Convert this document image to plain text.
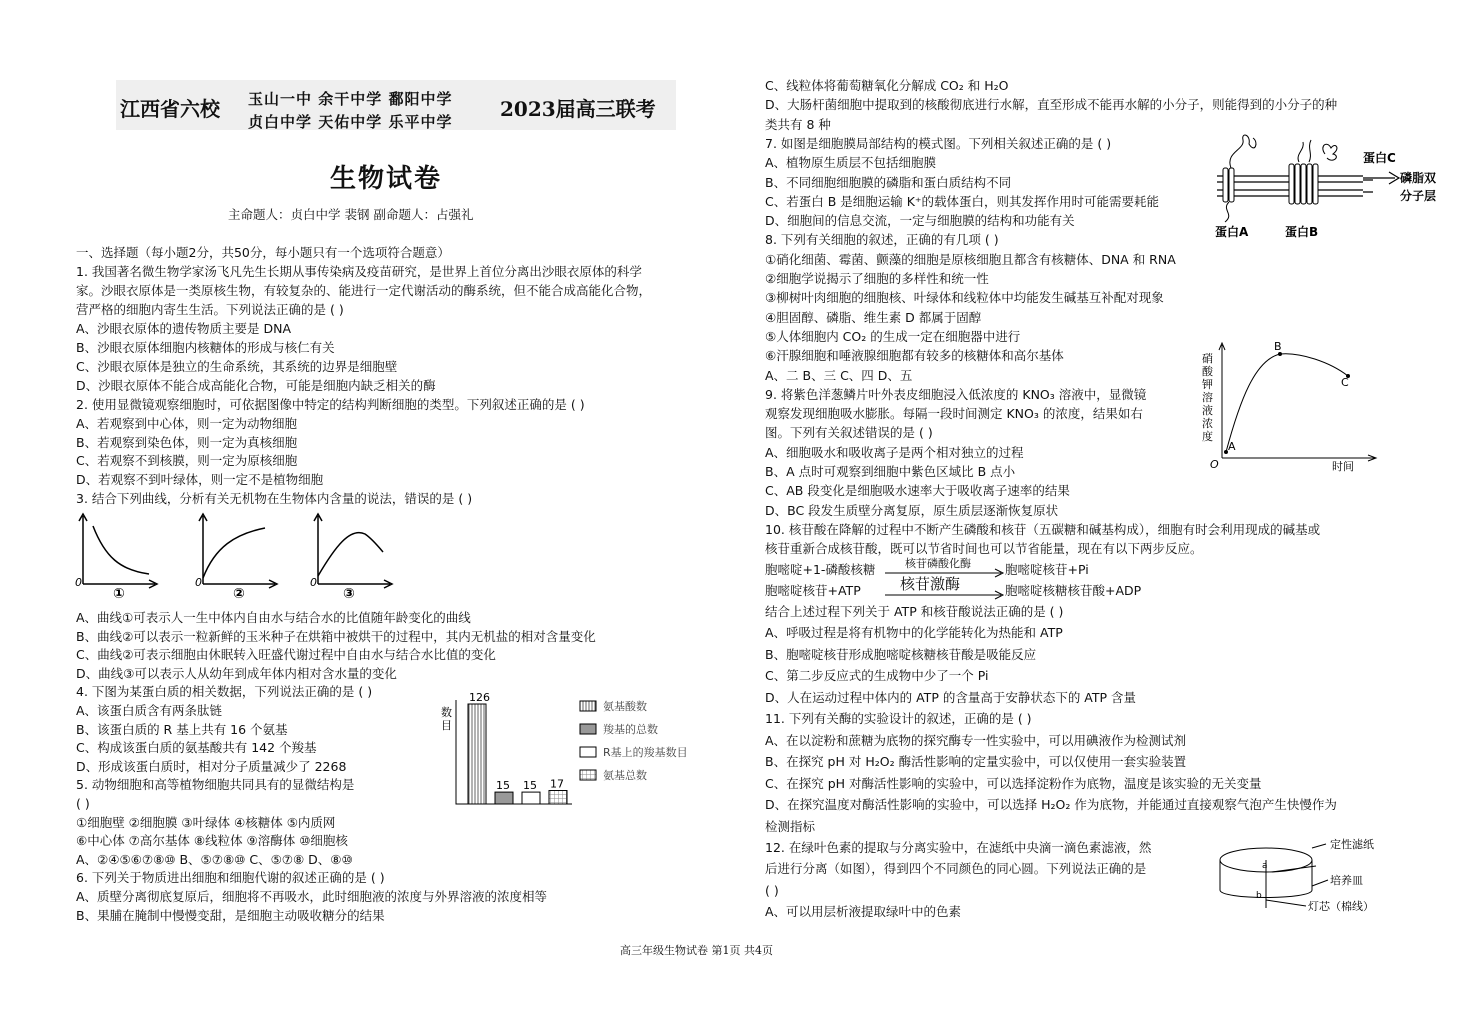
江西省六校 玉山一中 余干中学 鄱阳中学
贞白中学 天佑中学 乐平中学
2023届高三联考
生物试卷
主命题人：贞白中学 裴钢 副命题人：占强礼
一、选择题（每小题2分，共50分，每小题只有一个选项符合题意）
1. 我国著名微生物学家汤飞凡先生长期从事传染病及疫苗研究，是世界上首位分离出沙眼衣原体的科学
家。沙眼衣原体是一类原核生物，有较复杂的、能进行一定代谢活动的酶系统，但不能合成高能化合物，
营严格的细胞内寄生生活。下列说法正确的是 ( )
A、沙眼衣原体的遗传物质主要是 DNA
B、沙眼衣原体细胞内核糖体的形成与核仁有关
C、沙眼衣原体是独立的生命系统，其系统的边界是细胞壁
D、沙眼衣原体不能合成高能化合物，可能是细胞内缺乏相关的酶
2. 使用显微镜观察细胞时，可依据图像中特定的结构判断细胞的类型。下列叙述正确的是 ( )
A、若观察到中心体，则一定为动物细胞
B、若观察到染色体，则一定为真核细胞
C、若观察不到核膜，则一定为原核细胞
D、若观察不到叶绿体，则一定不是植物细胞
3. 结合下列曲线，分析有关无机物在生物体内含量的说法，错误的是 ( )
A、曲线①可表示人一生中体内自由水与结合水的比值随年龄变化的曲线
B、曲线②可以表示一粒新鲜的玉米种子在烘箱中被烘干的过程中，其内无机盐的相对含量变化
C、曲线②可表示细胞由休眠转入旺盛代谢过程中自由水与结合水比值的变化
D、曲线③可以表示人从幼年到成年体内相对含水量的变化
4. 下图为某蛋白质的相关数据，下列说法正确的是 ( )
A、该蛋白质含有两条肽链
B、该蛋白质的 R 基上共有 16 个氨基
C、构成该蛋白质的氨基酸共有 142 个羧基
D、形成该蛋白质时，相对分子质量减少了 2268
5. 动物细胞和高等植物细胞共同具有的显微结构是
( )
①细胞壁 ②细胞膜 ③叶绿体 ④核糖体 ⑤内质网
⑥中心体 ⑦高尔基体 ⑧线粒体 ⑨溶酶体 ⑩细胞核
A、②④⑤⑥⑦⑧⑩ B、⑤⑦⑧⑩ C、⑤⑦⑧ D、⑧⑩
6. 下列关于物质进出细胞和细胞代谢的叙述正确的是 ( )
A、质壁分离彻底复原后，细胞将不再吸水，此时细胞液的浓度与外界溶液的浓度相等
B、果脯在腌制中慢慢变甜，是细胞主动吸收糖分的结果
0	0	0
①	②	③
数
目
126
15 15 17
氨基酸数
羧基的总数
R基上的羧基数目
氨基总数
C、线粒体将葡萄糖氧化分解成 CO₂ 和 H₂O
D、大肠杆菌细胞中提取到的核酸彻底进行水解，直至形成不能再水解的小分子，则能得到的小分子的种
类共有 8 种
7. 如图是细胞膜局部结构的模式图。下列相关叙述正确的是 ( )
A、植物原生质层不包括细胞膜
B、不同细胞细胞膜的磷脂和蛋白质结构不同
C、若蛋白 B 是细胞运输 K⁺的载体蛋白，则其发挥作用时可能需要耗能
D、细胞间的信息交流，一定与细胞膜的结构和功能有关
8. 下列有关细胞的叙述，正确的有几项 ( )
①硝化细菌、霉菌、颤藻的细胞是原核细胞且都含有核糖体、DNA 和 RNA
②细胞学说揭示了细胞的多样性和统一性
③柳树叶肉细胞的细胞核、叶绿体和线粒体中均能发生碱基互补配对现象
④胆固醇、磷脂、维生素 D 都属于固醇
⑤人体细胞内 CO₂ 的生成一定在细胞器中进行
⑥汗腺细胞和唾液腺细胞都有较多的核糖体和高尔基体
A、二 B、三 C、四 D、五
9. 将紫色洋葱鳞片叶外表皮细胞浸入低浓度的 KNO₃ 溶液中，显微镜
观察发现细胞吸水膨胀。每隔一段时间测定 KNO₃ 的浓度，结果如右
图。下列有关叙述错误的是 ( )
A、细胞吸水和吸收离子是两个相对独立的过程
B、A 点时可观察到细胞中紫色区域比 B 点小
C、AB 段变化是细胞吸水速率大于吸收离子速率的结果
D、BC 段发生质壁分离复原，原生质层逐渐恢复原状
10. 核苷酸在降解的过程中不断产生磷酸和核苷（五碳糖和碱基构成），细胞有时会利用现成的碱基或
核苷重新合成核苷酸，既可以节省时间也可以节省能量，现在有以下两步反应。
胞嘧啶+1-磷酸核糖	核苷磷酸化酶	胞嘧啶核苷+Pi
胞嘧啶核苷+ATP	核苷激酶	胞嘧啶核糖核苷酸+ADP
结合上述过程下列关于 ATP 和核苷酸说法正确的是 ( )
A、呼吸过程是将有机物中的化学能转化为热能和 ATP
B、胞嘧啶核苷形成胞嘧啶核糖核苷酸是吸能反应
C、第二步反应式的生成物中少了一个 Pi
D、人在运动过程中体内的 ATP 的含量高于安静状态下的 ATP 含量
11. 下列有关酶的实验设计的叙述，正确的是 ( )
A、在以淀粉和蔗糖为底物的探究酶专一性实验中，可以用碘液作为检测试剂
B、在探究 pH 对 H₂O₂ 酶活性影响的定量实验中，可以仅使用一套实验装置
C、在探究 pH 对酶活性影响的实验中，可以选择淀粉作为底物，温度是该实验的无关变量
D、在探究温度对酶活性影响的实验中，可以选择 H₂O₂ 作为底物，并能通过直接观察气泡产生快慢作为
检测指标
12. 在绿叶色素的提取与分离实验中，在滤纸中央滴一滴色素滤液，然
后进行分离（如图），得到四个不同颜色的同心圆。下列说法正确的是
( )
A、可以用层析液提取绿叶中的色素
蛋白C
磷脂双
分子层
蛋白A	蛋白B
硝
酸
钾
溶
液
浓
度
A
B
C
O	时间
a
b
定性滤纸
培养皿
灯芯（棉线）
高三年级生物试卷 第1页 共4页
